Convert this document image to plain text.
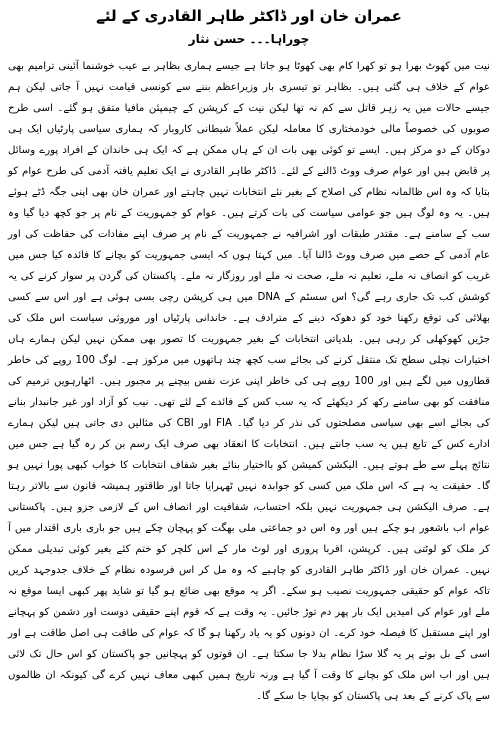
عمران خان اور ڈاکٹر طاہر القادری کے لئے
چوراہا۔۔۔ حسن نثار

نیت میں کھوٹ بھرا ہو تو کھرا کام بھی کھوٹا ہو جاتا ہے جیسے ہماری بظاہر بے عیب خوشنما آئینی ترامیم بھی عوام کے خلاف ہی گئی ہیں۔ بظاہر تو تیسری بار وزیراعظم بننے سے کونسی قیامت نہیں آ جاتی لیکن ہم جیسے حالات میں یہ زہر قاتل سے کم نہ تھا لیکن نیت کے کرپشن کے چیمپئن مافیا متفق ہو گئے۔ اسی طرح صوبوں کی خصوصاً مالی خودمختاری کا معاملہ لیکن عملاً شیطانی کاروبار کہ ہماری سیاسی پارٹیاں ایک ہی دوکان کے دو مرکز ہیں۔ ایسے تو کوئی بھی بات ان کے ہاں ممکن ہے کہ ایک ہی خاندان کے افراد پورے وسائل پر قابض ہیں اور عوام صرف ووٹ ڈالنے کے لئے۔ ڈاکٹر طاہر القادری نے ایک تعلیم یافتہ آدمی کی طرح عوام کو بتایا کہ وہ اس ظالمانہ نظام کی اصلاح کے بغیر نئے انتخابات نہیں چاہتے اور عمران خان بھی اپنی جگہ ڈٹے ہوئے ہیں۔ یہ وہ لوگ ہیں جو عوامی سیاست کی بات کرتے ہیں۔ عوام کو جمہوریت کے نام پر جو کچھ دیا گیا وہ سب کے سامنے ہے۔ مقتدر طبقات اور اشرافیہ نے جمہوریت کے نام پر صرف اپنے مفادات کی حفاظت کی اور عام آدمی کے حصے میں صرف ووٹ ڈالنا آیا۔ میں کہتا ہوں کہ ایسی جمہوریت کو بچانے کا فائدہ کیا جس میں غریب کو انصاف نہ ملے، تعلیم نہ ملے، صحت نہ ملے اور روزگار نہ ملے۔ پاکستان کی گردن پر سوار کرنے کی یہ کوشش کب تک جاری رہے گی؟ اس سسٹم کے DNA میں ہی کرپشن رچی بسی ہوئی ہے اور اس سے کسی بھلائی کی توقع رکھنا خود کو دھوکہ دینے کے مترادف ہے۔ خاندانی پارٹیاں اور موروثی سیاست اس ملک کی جڑیں کھوکھلی کر رہی ہیں۔ بلدیاتی انتخابات کے بغیر جمہوریت کا تصور بھی ممکن نہیں لیکن ہمارے ہاں اختیارات نچلی سطح تک منتقل کرنے کی بجائے سب کچھ چند ہاتھوں میں مرکوز ہے۔ لوگ 100 روپے کی خاطر قطاروں میں لگے ہیں اور 100 روپے ہی کی خاطر اپنی عزت نفس بیچنے پر مجبور ہیں۔ اٹھارہویں ترمیم کی منافقت کو بھی سامنے رکھ کر دیکھئے کہ یہ سب کس کے فائدے کے لئے تھی۔ نیب کو آزاد اور غیر جانبدار بنانے کی بجائے اسے بھی سیاسی مصلحتوں کی نذر کر دیا گیا۔ FIA اور CBI کی مثالیں دی جاتی ہیں لیکن ہمارے ادارے کس کے تابع ہیں یہ سب جانتے ہیں۔ انتخابات کا انعقاد بھی صرف ایک رسم بن کر رہ گیا ہے جس میں نتائج پہلے سے طے ہوتے ہیں۔ الیکشن کمیشن کو بااختیار بنائے بغیر شفاف انتخابات کا خواب کبھی پورا نہیں ہو گا۔ حقیقت یہ ہے کہ اس ملک میں کسی کو جوابدہ نہیں ٹھہرایا جاتا اور طاقتور ہمیشہ قانون سے بالاتر رہتا ہے۔ صرف الیکشن ہی جمہوریت نہیں بلکہ احتساب، شفافیت اور انصاف اس کے لازمی جزو ہیں۔ پاکستانی عوام اب باشعور ہو چکے ہیں اور وہ اس دو جماعتی ملی بھگت کو پہچان چکے ہیں جو باری باری اقتدار میں آ کر ملک کو لوٹتی ہیں۔ کرپشن، اقربا پروری اور لوٹ مار کے اس کلچر کو ختم کئے بغیر کوئی تبدیلی ممکن نہیں۔ عمران خان اور ڈاکٹر طاہر القادری کو چاہیے کہ وہ مل کر اس فرسودہ نظام کے خلاف جدوجہد کریں تاکہ عوام کو حقیقی جمہوریت نصیب ہو سکے۔ اگر یہ موقع بھی ضائع ہو گیا تو شاید پھر کبھی ایسا موقع نہ ملے اور عوام کی امیدیں ایک بار پھر دم توڑ جائیں۔ یہ وقت ہے کہ قوم اپنے حقیقی دوست اور دشمن کو پہچانے اور اپنے مستقبل کا فیصلہ خود کرے۔ ان دونوں کو یہ یاد رکھنا ہو گا کہ عوام کی طاقت ہی اصل طاقت ہے اور اسی کے بل بوتے پر یہ گلا سڑا نظام بدلا جا سکتا ہے۔ ان قوتوں کو پہچانیں جو پاکستان کو اس حال تک لائی ہیں اور اب اس ملک کو بچانے کا وقت آ گیا ہے ورنہ تاریخ ہمیں کبھی معاف نہیں کرے گی کیونکہ ان ظالموں سے پاک کرنے کے بعد ہی پاکستان کو بچایا جا سکے گا۔
